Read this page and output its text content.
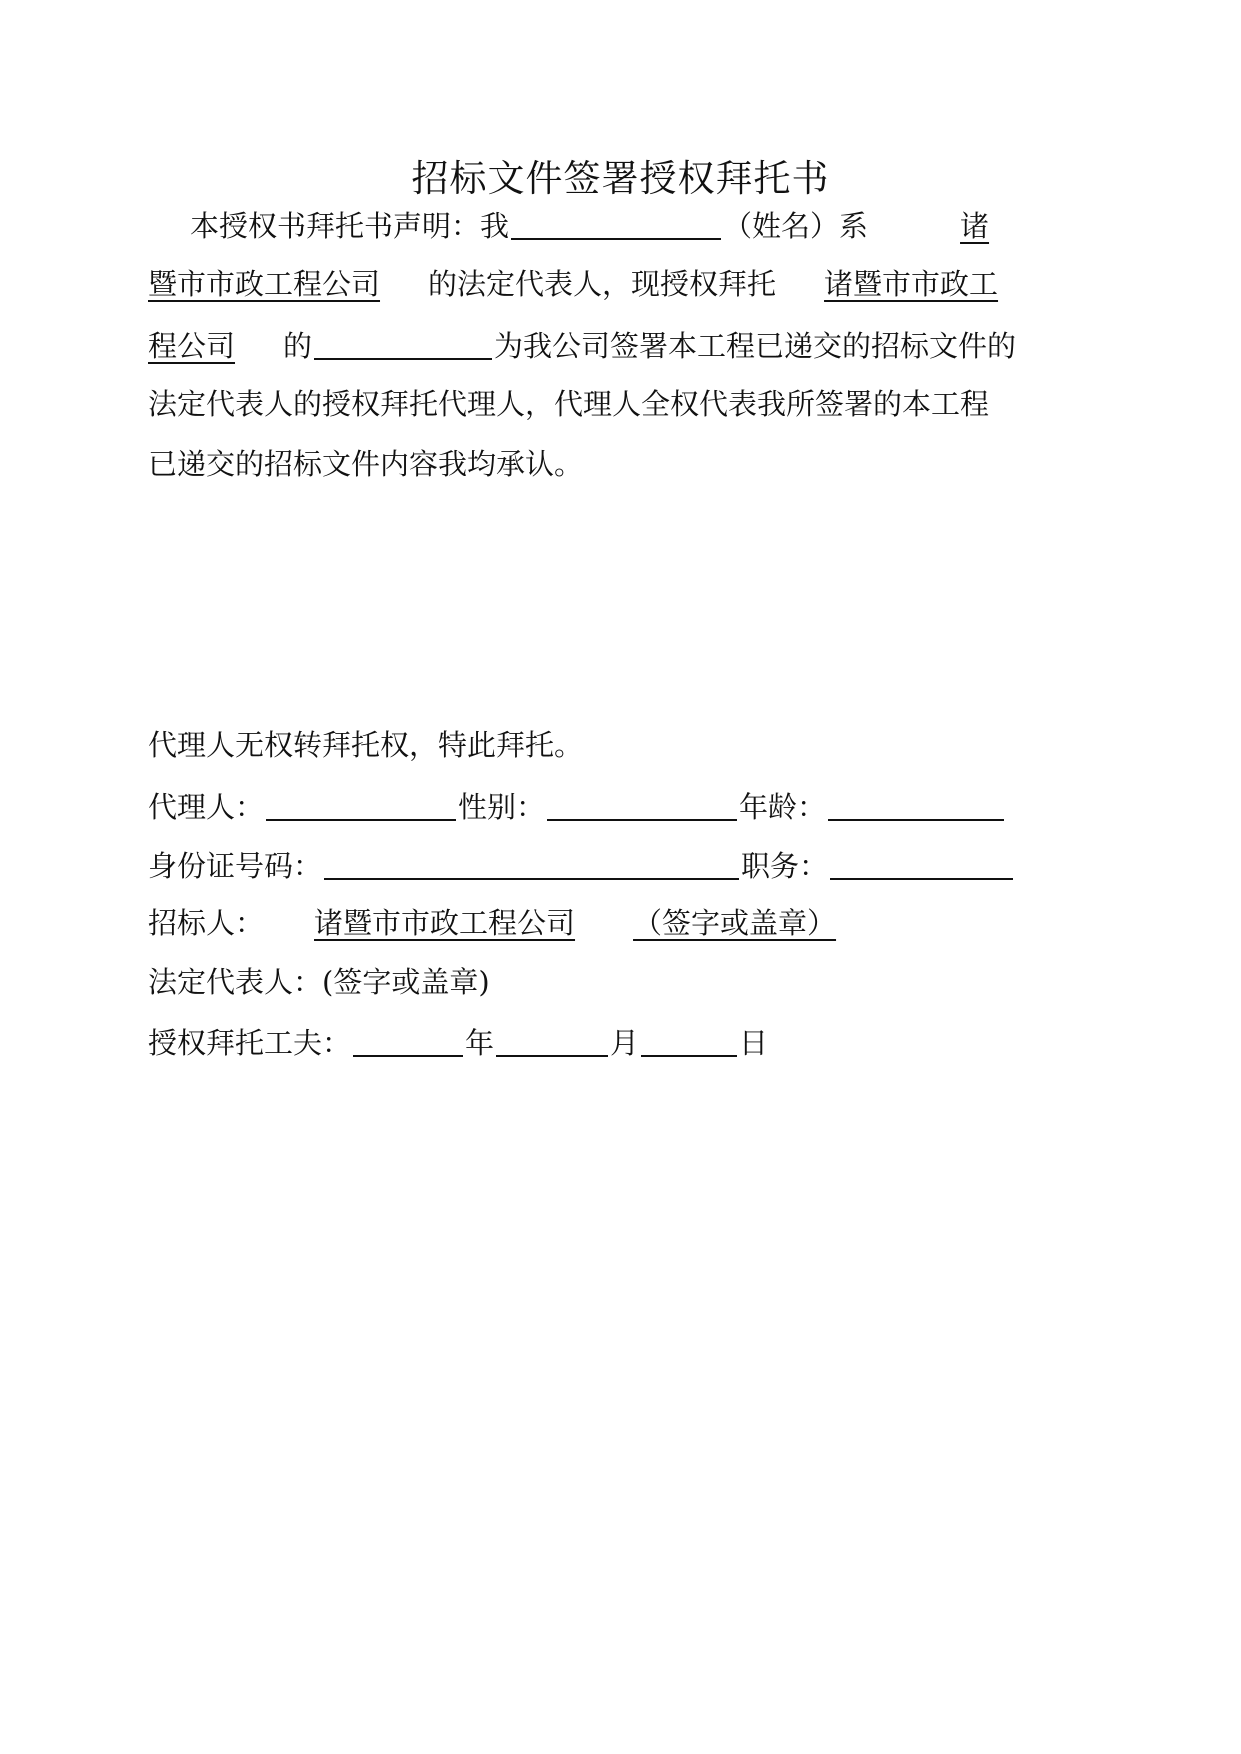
招标文件签署授权拜托书
本授权书拜托书声明：我	（姓名）系	诸
暨市市政工程公司 的法定代表人，现授权拜托 诸暨市市政工
程公司 的	为我公司签署本工程已递交的招标文件的
法定代表人的授权拜托代理人，代理人全权代表我所签署的本工程
已递交的招标文件内容我均承认。
代理人无权转拜托权，特此拜托。
代理人：	性别：	年龄：
身份证号码：	职务：
招标人： 诸暨市市政工程公司 （签字或盖章）
法定代表人：(签字或盖章)
授权拜托工夫：	年	月	日
